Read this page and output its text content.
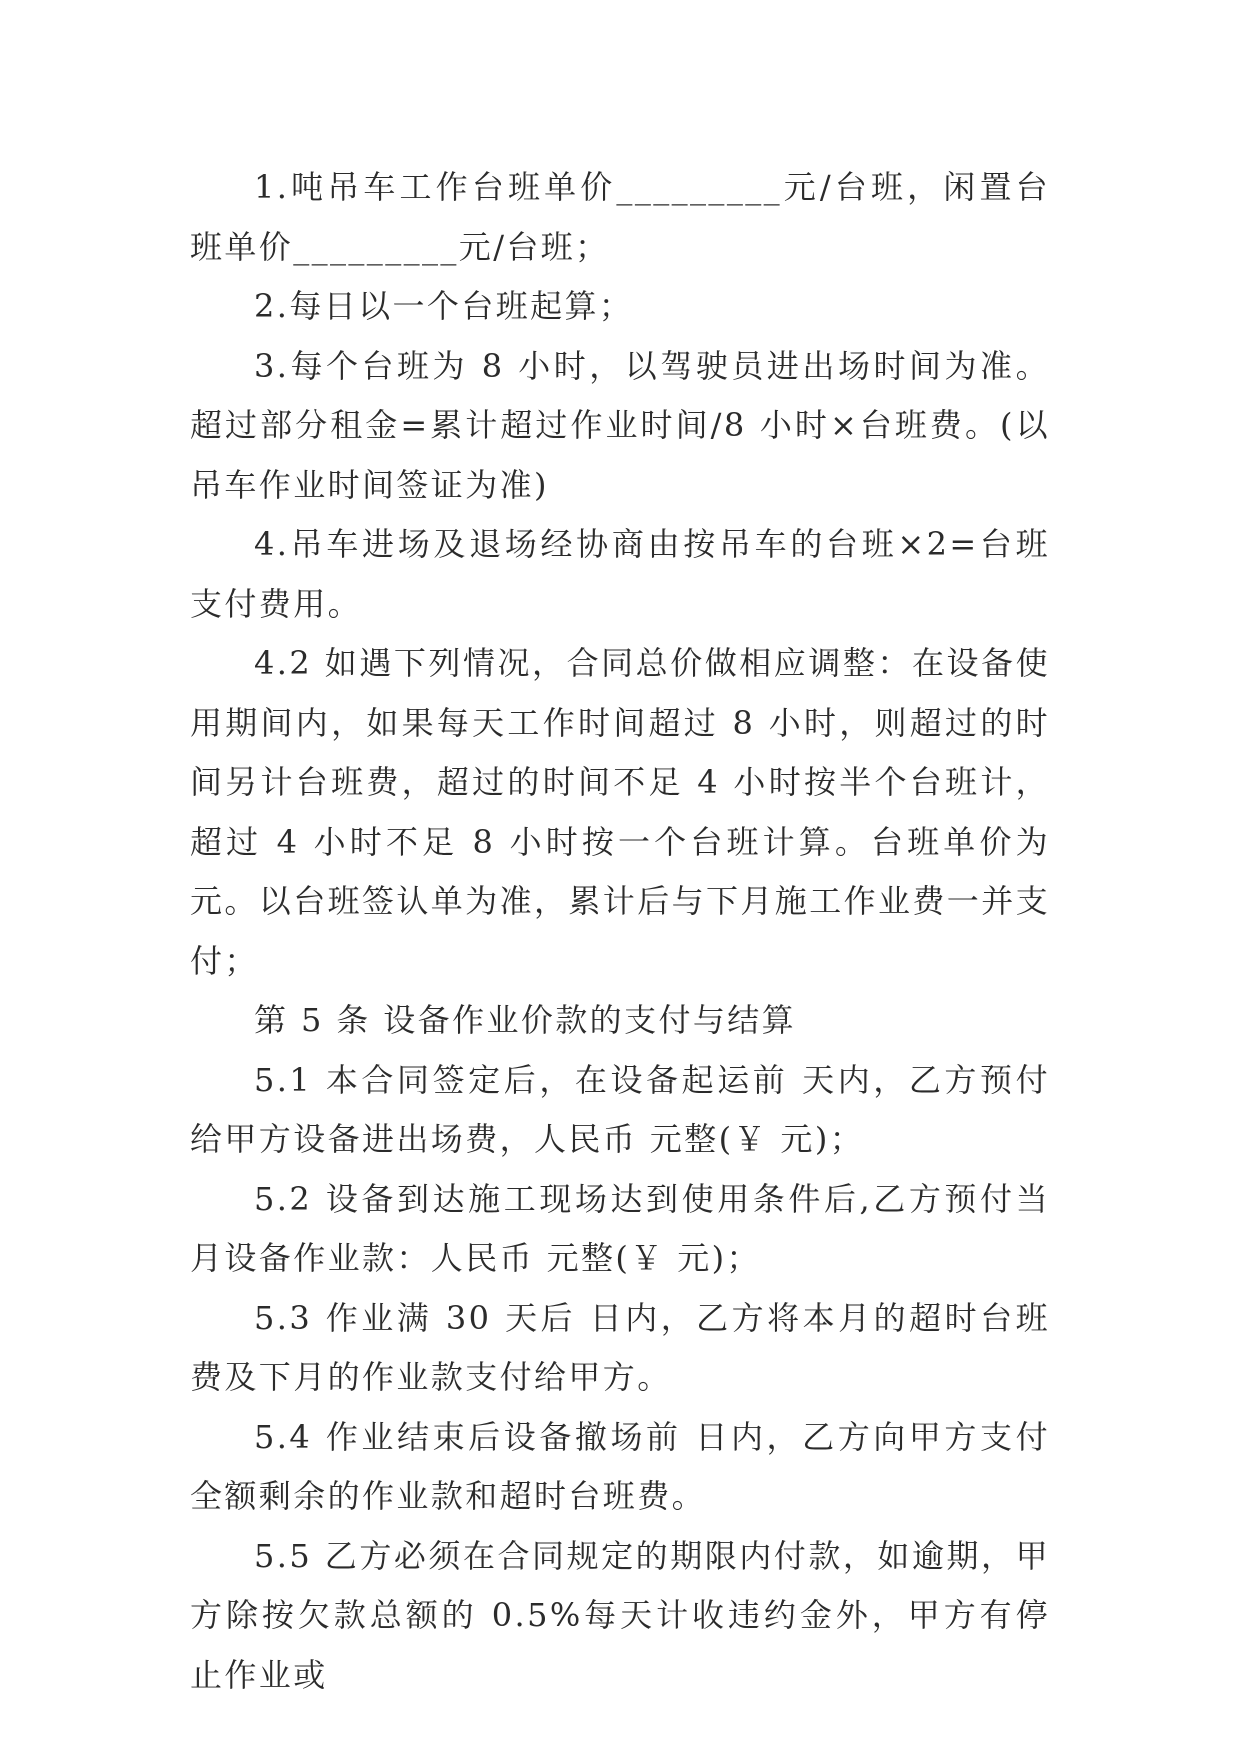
1.吨吊车工作台班单价_________元/台班，闲置台班单价_________元/台班；

2.每日以一个台班起算；

3.每个台班为 8 小时，以驾驶员进出场时间为准。超过部分租金=累计超过作业时间/8 小时×台班费。(以吊车作业时间签证为准)

4.吊车进场及退场经协商由按吊车的台班×2=台班支付费用。

4.2 如遇下列情况，合同总价做相应调整：在设备使用期间内，如果每天工作时间超过 8 小时，则超过的时间另计台班费，超过的时间不足 4 小时按半个台班计，超过 4 小时不足 8 小时按一个台班计算。台班单价为 元。以台班签认单为准，累计后与下月施工作业费一并支付；

第 5 条 设备作业价款的支付与结算

5.1 本合同签定后，在设备起运前 天内，乙方预付给甲方设备进出场费，人民币 元整(￥ 元)；

5.2 设备到达施工现场达到使用条件后,乙方预付当月设备作业款：人民币 元整(￥ 元)；

5.3 作业满 30 天后 日内，乙方将本月的超时台班费及下月的作业款支付给甲方。

5.4 作业结束后设备撤场前 日内，乙方向甲方支付全额剩余的作业款和超时台班费。

5.5 乙方必须在合同规定的期限内付款，如逾期，甲方除按欠款总额的 0.5%每天计收违约金外，甲方有停止作业或
